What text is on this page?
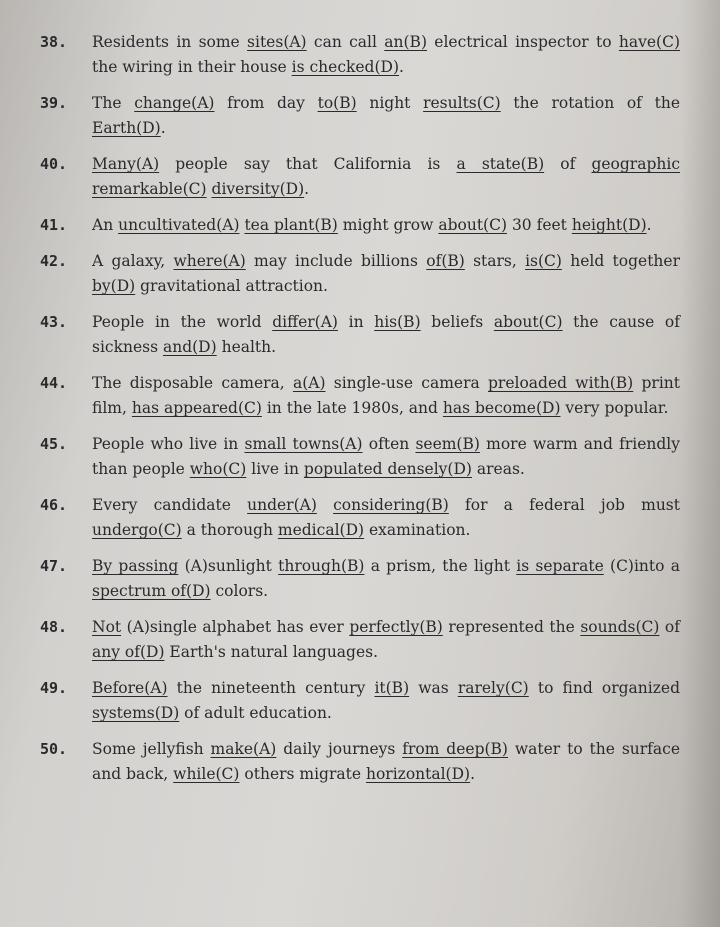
38.	Residents in some sites(A) can call an(B) electrical inspector to have(C) the wiring in their house is checked(D).
39.	The change(A) from day to(B) night results(C) the rotation of the Earth(D).
40.	Many(A) people say that California is a state(B) of geographic remarkable(C) diversity(D).
41.	An uncultivated(A) tea plant(B) might grow about(C) 30 feet height(D).
42.	A galaxy, where(A) may include billions of(B) stars, is(C) held together by(D) gravitational attraction.
43.	People in the world differ(A) in his(B) beliefs about(C) the cause of sickness and(D) health.
44.	The disposable camera, a(A) single-use camera preloaded with(B) print film, has appeared(C) in the late 1980s, and has become(D) very popular.
45.	People who live in small towns(A) often seem(B) more warm and friendly than people who(C) live in populated densely(D) areas.
46.	Every candidate under(A) considering(B) for a federal job must undergo(C) a thorough medical(D) examination.
47.	By passing (A)sunlight through(B) a prism, the light is separate (C)into a spectrum of(D) colors.
48.	Not (A)single alphabet has ever perfectly(B) represented the sounds(C) of any of(D) Earth's natural languages.
49.	Before(A) the nineteenth century it(B) was rarely(C) to find organized systems(D) of adult education.
50.	Some jellyfish make(A) daily journeys from deep(B) water to the surface and back, while(C) others migrate horizontal(D).
